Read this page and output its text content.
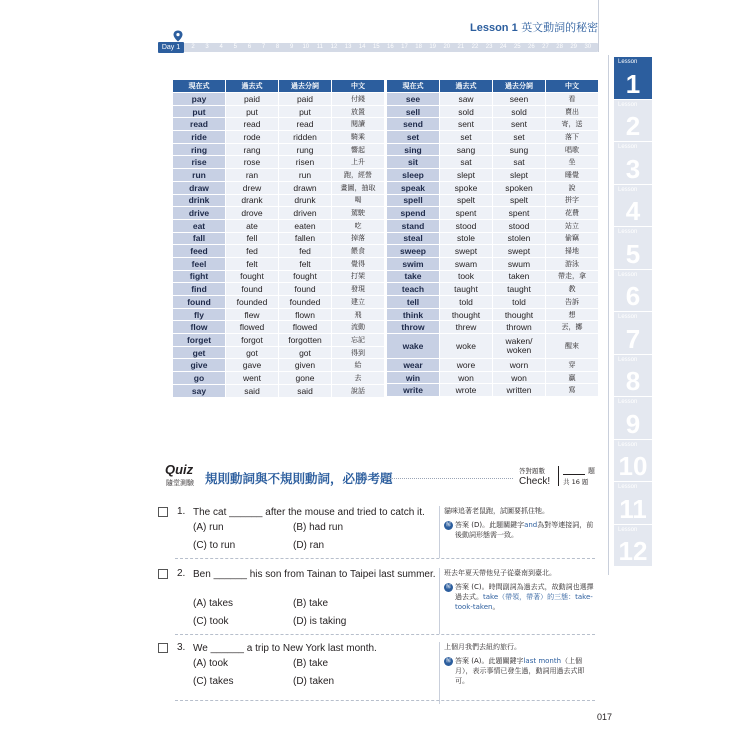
Lesson 1 英文動詞的秘密
Day 1	2	3	4	5	6	7	8	9	10	11	12	13	14	15	16	17	18	19	20	21	22	23	24	25	26	27	28	29	30
現在式	過去式	過去分詞	中文
pay	paid	paid	付錢
put	put	put	放置
read	read	read	閱讀
ride	rode	ridden	騎乘
ring	rang	rung	響起
rise	rose	risen	上升
run	ran	run	跑，經營
draw	drew	drawn	畫圖，抽取
drink	drank	drunk	喝
drive	drove	driven	駕駛
eat	ate	eaten	吃
fall	fell	fallen	掉落
feed	fed	fed	餵食
feel	felt	felt	覺得
fight	fought	fought	打架
find	found	found	發現
found	founded	founded	建立
fly	flew	flown	飛
flow	flowed	flowed	流動
forget	forgot	forgotten	忘記
get	got	got	得到
give	gave	given	給
go	went	gone	去
say	said	said	說話
現在式	過去式	過去分詞	中文
see	saw	seen	看
sell	sold	sold	賣出
send	sent	sent	寄，送
set	set	set	落下
sing	sang	sung	唱歌
sit	sat	sat	坐
sleep	slept	slept	睡覺
speak	spoke	spoken	說
spell	spelt	spelt	拼字
spend	spent	spent	花費
stand	stood	stood	站立
steal	stole	stolen	偷竊
sweep	swept	swept	掃地
swim	swam	swum	游泳
take	took	taken	帶走，拿
teach	taught	taught	教
tell	told	told	告訴
think	thought	thought	想
throw	threw	thrown	丟，擲
wake	woke	waken/ woken	醒來
wear	wore	worn	穿
win	won	won	贏
write	wrote	written	寫
Lesson
1
Lesson
2
Lesson
3
Lesson
4
Lesson
5
Lesson
6
Lesson
7
Lesson
8
Lesson
9
Lesson
10
Lesson
11
Lesson
12
Quiz
隨堂測驗 規則動詞與不規則動詞，必勝考題	答對題數
Check!
題
共 16 題
1. The cat ______ after the mouse and tried to catch it.
(A) run	(B) had run
(C) to run	(D) ran
貓咪追著老鼠跑，試圖要抓住牠。
解 答案 (D)。此題關鍵字and為對等連接詞，前後動詞形態需一致。
2. Ben ______ his son from Tainan to Taipei last summer.
(A) takes	(B) take
(C) took	(D) is taking
班去年夏天帶他兒子從臺南到臺北。
解 答案 (C)。時間副詞為過去式，故動詞也選擇過去式。take（帶領，帶著）的三態：take-took-taken。
3. We ______ a trip to New York last month.
(A) took	(B) take
(C) takes	(D) taken
上個月我們去紐約旅行。
解 答案 (A)。此題關鍵字last month（上個月），表示事情已發生過，動詞用過去式即可。
017
